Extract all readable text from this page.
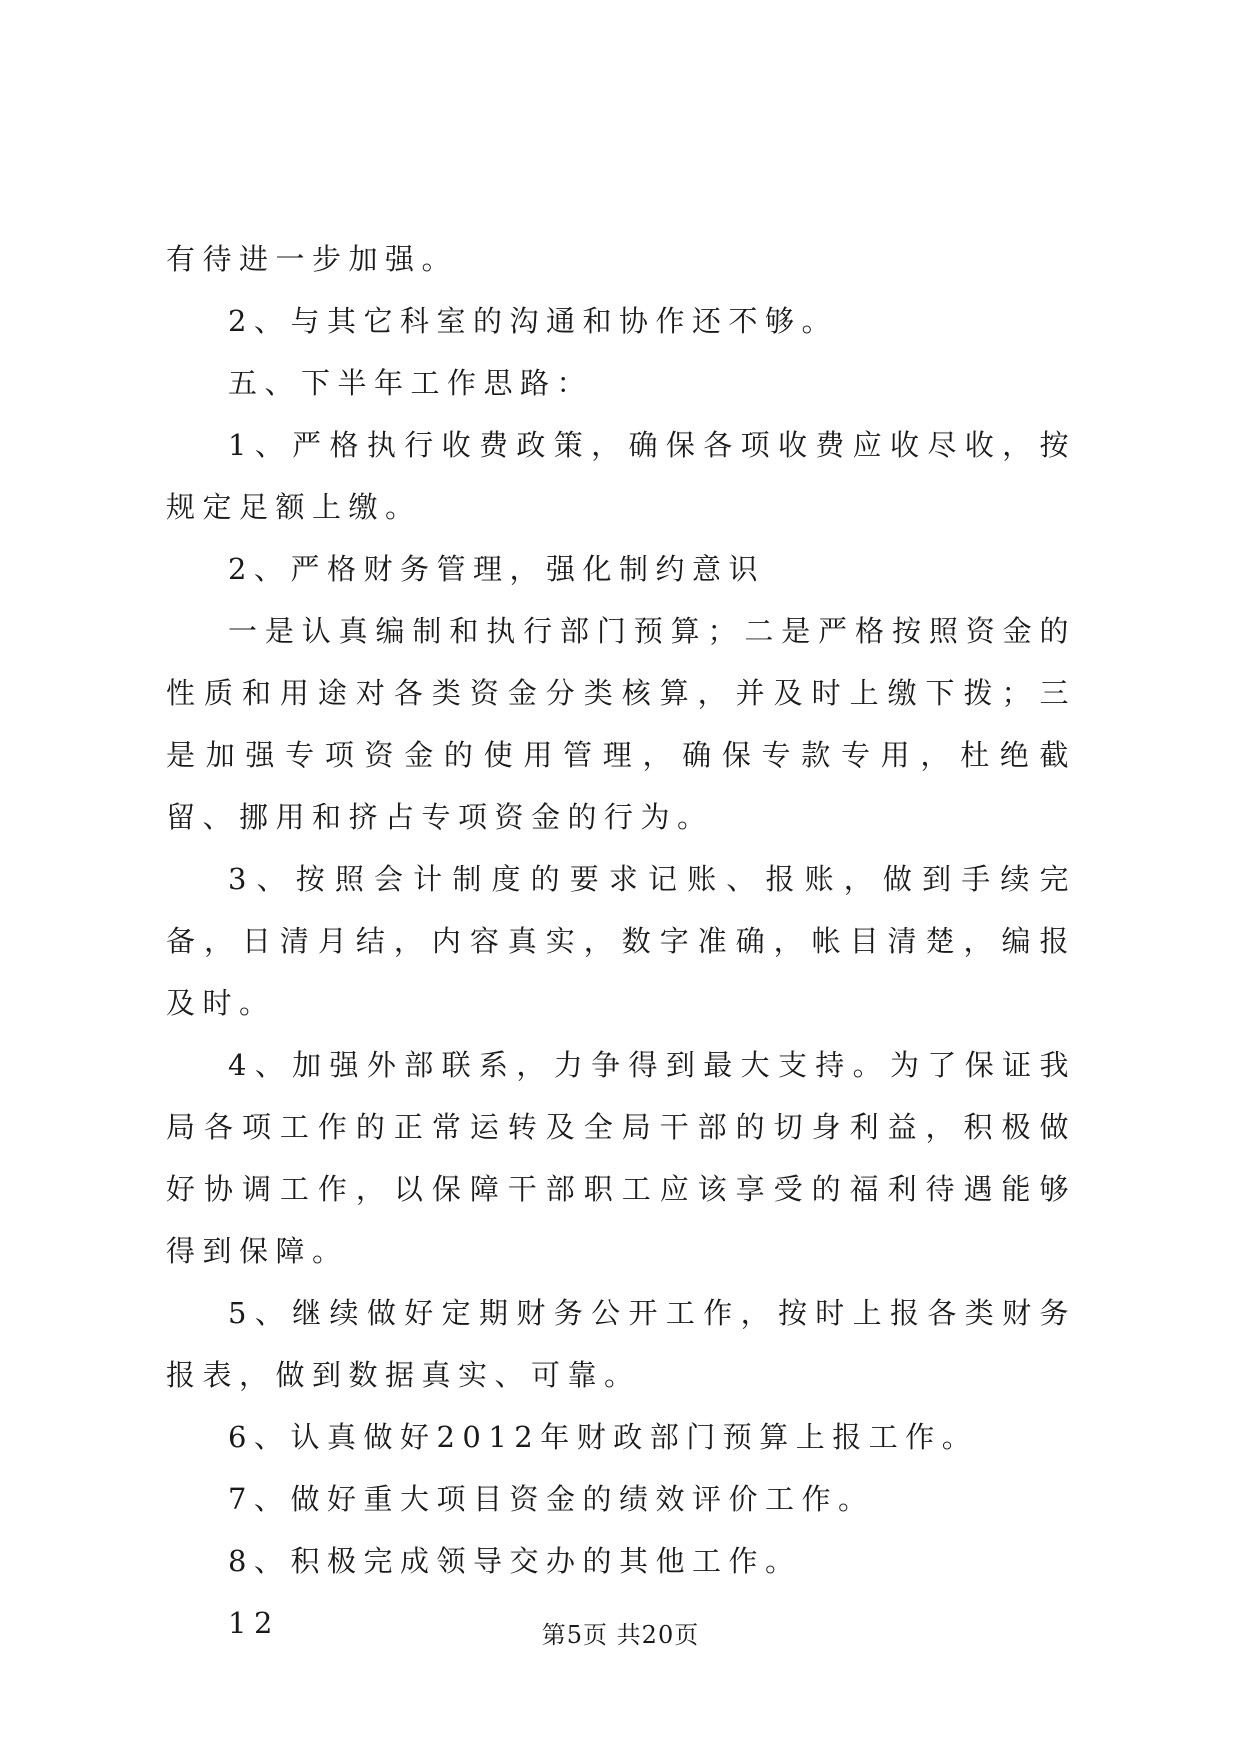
有待进一步加强。

2、与其它科室的沟通和协作还不够。

五、下半年工作思路：

1、严格执行收费政策，确保各项收费应收尽收，按规定足额上缴。

2、严格财务管理，强化制约意识

一是认真编制和执行部门预算；二是严格按照资金的性质和用途对各类资金分类核算，并及时上缴下拨；三是加强专项资金的使用管理，确保专款专用，杜绝截留、挪用和挤占专项资金的行为。

3、按照会计制度的要求记账、报账，做到手续完备，日清月结，内容真实，数字准确，帐目清楚，编报及时。

4、加强外部联系，力争得到最大支持。为了保证我局各项工作的正常运转及全局干部的切身利益，积极做好协调工作，以保障干部职工应该享受的福利待遇能够得到保障。

5、继续做好定期财务公开工作，按时上报各类财务报表，做到数据真实、可靠。

6、认真做好2012年财政部门预算上报工作。

7、做好重大项目资金的绩效评价工作。

8、积极完成领导交办的其他工作。

12	第5页 共20页
